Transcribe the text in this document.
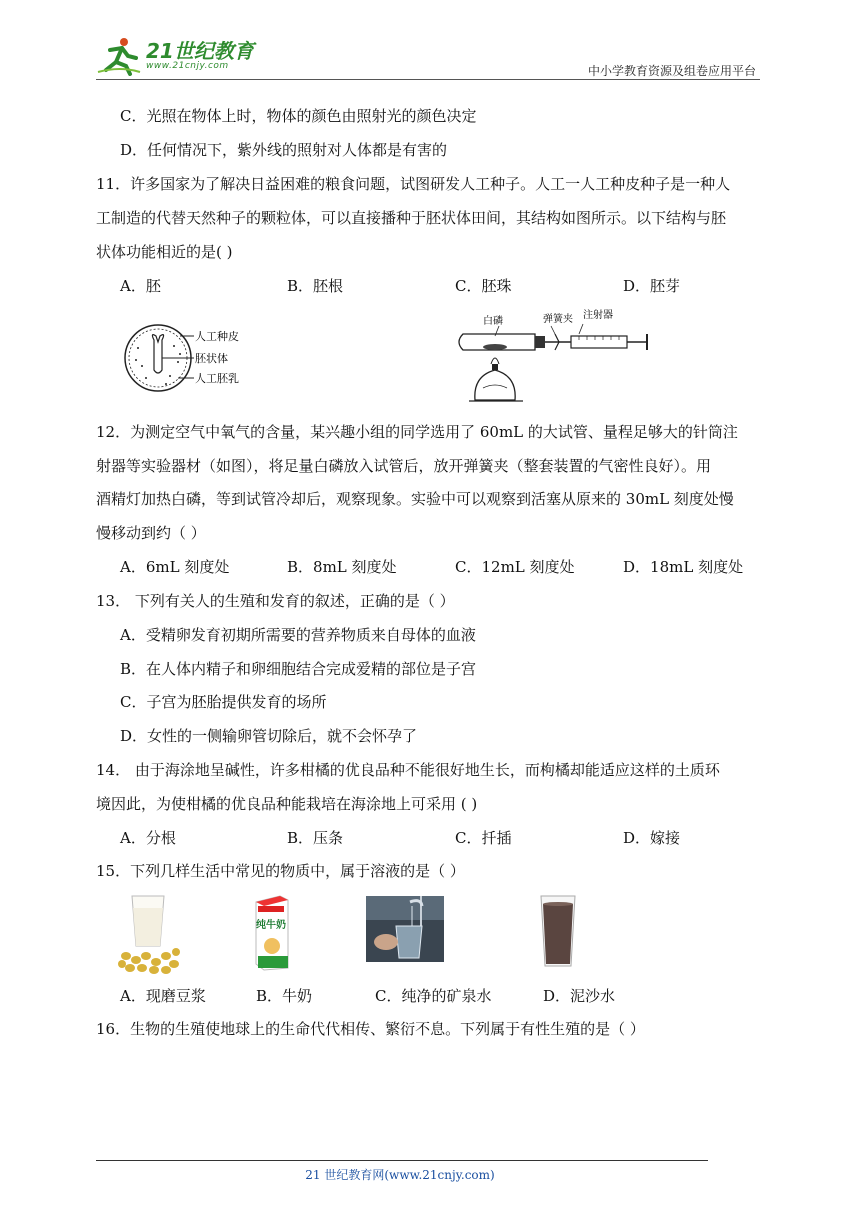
21世纪教育
www.21cnjy.com	中小学教育资源及组卷应用平台
C．光照在物体上时，物体的颜色由照射光的颜色决定
D．任何情况下，紫外线的照射对人体都是有害的
11．许多国家为了解决日益困难的粮食问题，试图研发人工种子。人工一人工种皮种子是一种人
工制造的代替天然种子的颗粒体，可以直接播种于胚状体田间，其结构如图所示。以下结构与胚
状体功能相近的是( )
A．胚	B．胚根	C．胚珠	D．胚芽
人工种皮
胚状体
人工胚乳
白磷	弹簧夹 注射器
12．为测定空气中氧气的含量，某兴趣小组的同学选用了 60mL 的大试管、量程足够大的针筒注
射器等实验器材（如图），将足量白磷放入试管后，放开弹簧夹（整套装置的气密性良好）。用
酒精灯加热白磷，等到试管冷却后，观察现象。实验中可以观察到活塞从原来的 30mL 刻度处慢
慢移动到约（ ）
A．6mL 刻度处	B．8mL 刻度处	C．12mL 刻度处	D．18mL 刻度处
13． 下列有关人的生殖和发育的叙述，正确的是（ ）
A．受精卵发育初期所需要的营养物质来自母体的血液
B．在人体内精子和卵细胞结合完成爱精的部位是子宫
C．子宫为胚胎提供发育的场所
D．女性的一侧输卵管切除后，就不会怀孕了
14． 由于海涂地呈碱性，许多柑橘的优良品种不能很好地生长，而枸橘却能适应这样的土质环
境因此，为使柑橘的优良品种能栽培在海涂地上可采用 ( )
A．分根	B．压条	C．扦插	D．嫁接
15．下列几样生活中常见的物质中，属于溶液的是（ ）
纯牛奶
A．现磨豆浆	B．牛奶	C．纯净的矿泉水	D．泥沙水
16．生物的生殖使地球上的生命代代相传、繁衍不息。下列属于有性生殖的是（ ）
21 世纪教育网(www.21cnjy.com)
